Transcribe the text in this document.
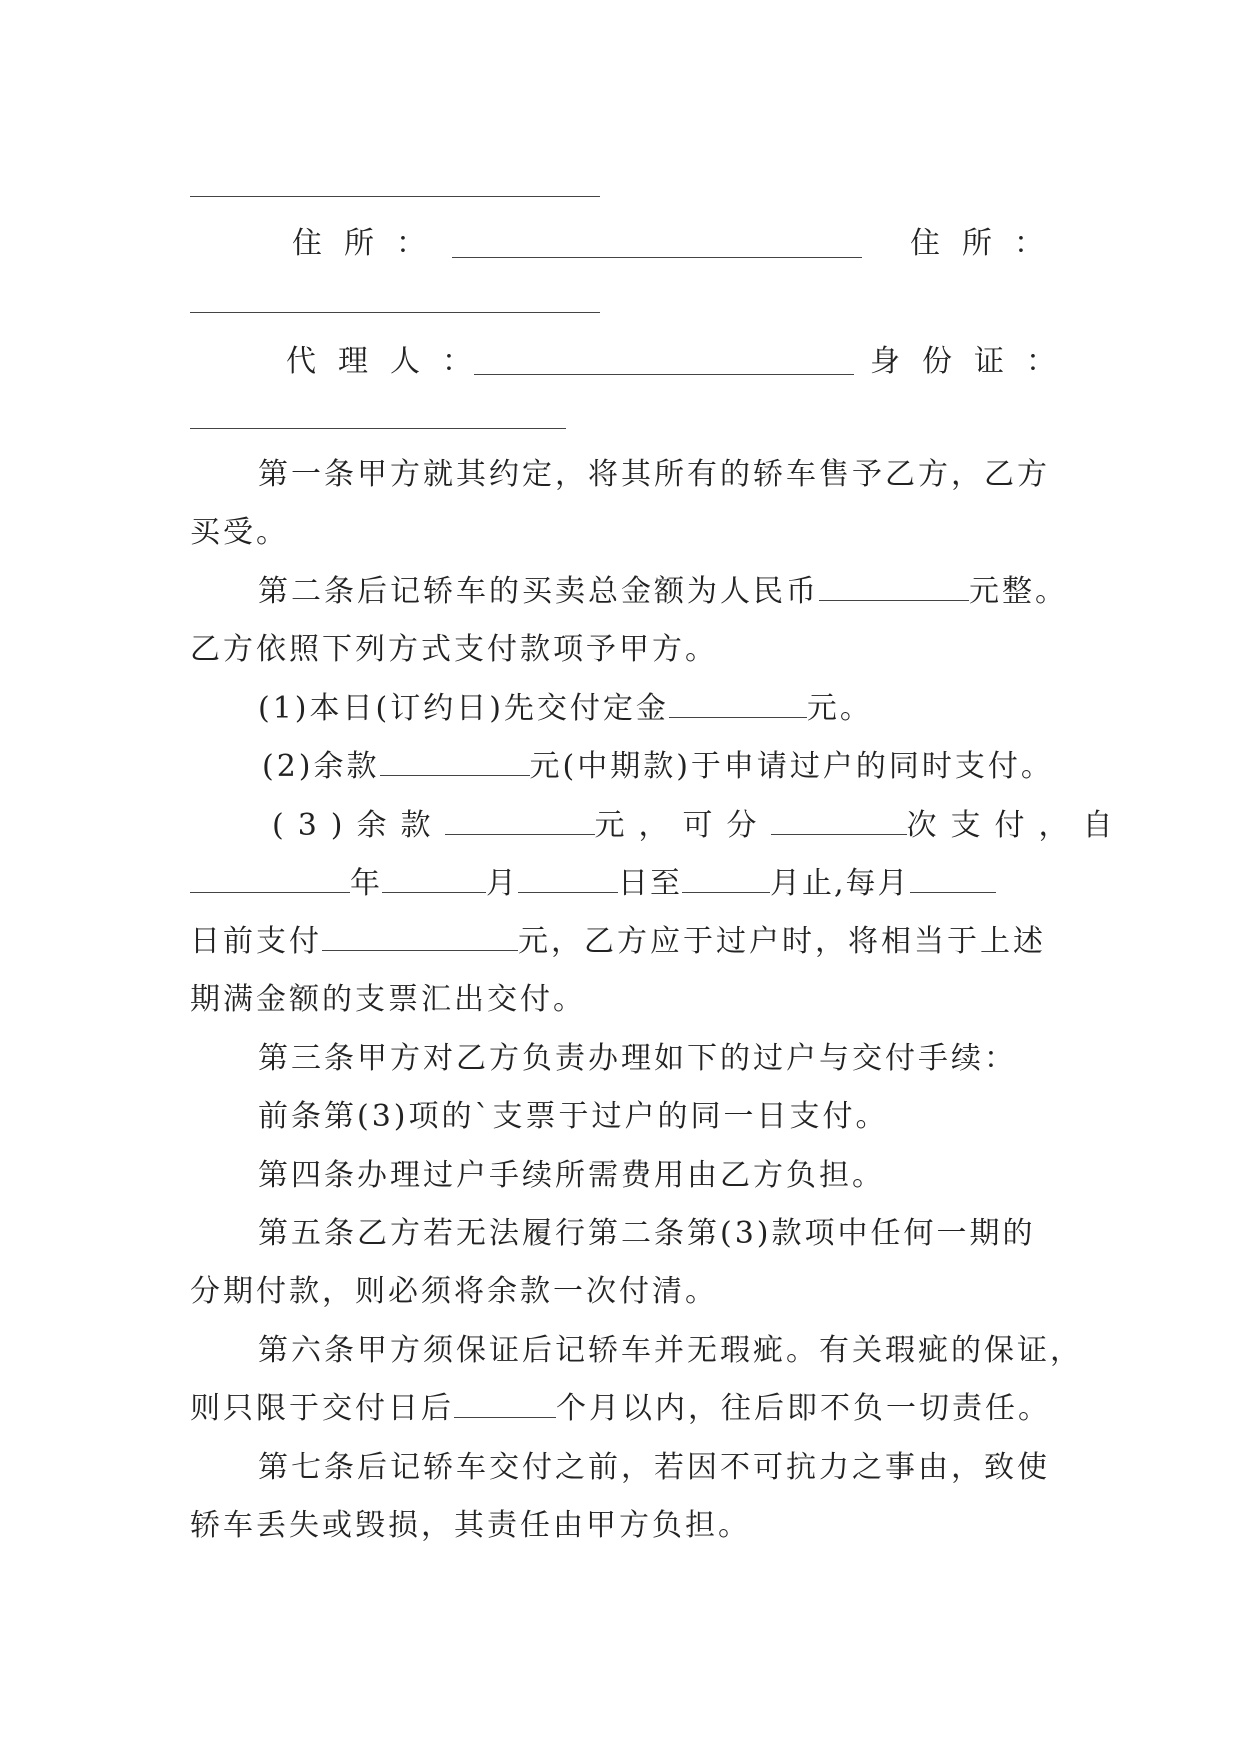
住所：	住所：
代理人：	身份证：
第一条甲方就其约定，将其所有的轿车售予乙方，乙方
买受。
第二条后记轿车的买卖总金额为人民币	元整。
乙方依照下列方式支付款项予甲方。
(1)本日(订约日)先交付定金	元。
(2)余款	元(中期款)于申请过户的同时支付。
(3)余款	元，可分	次支付，自
年	月	日至	月止,每月
日前支付	元，乙方应于过户时，将相当于上述
期满金额的支票汇出交付。
第三条甲方对乙方负责办理如下的过户与交付手续：
前条第(3)项的`支票于过户的同一日支付。
第四条办理过户手续所需费用由乙方负担。
第五条乙方若无法履行第二条第(3)款项中任何一期的
分期付款，则必须将余款一次付清。
第六条甲方须保证后记轿车并无瑕疵。有关瑕疵的保证，
则只限于交付日后	个月以内，往后即不负一切责任。
第七条后记轿车交付之前，若因不可抗力之事由，致使
轿车丢失或毁损，其责任由甲方负担。
